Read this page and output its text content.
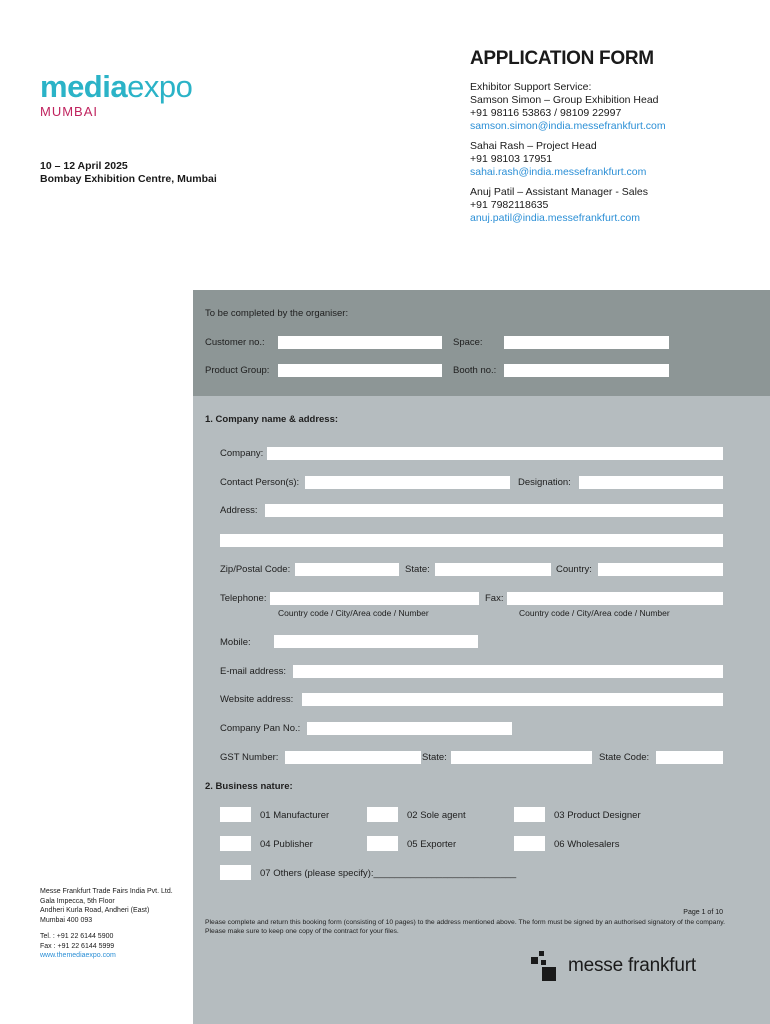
mediaexpo
MUMBAI
10 – 12 April 2025
Bombay Exhibition Centre, Mumbai
APPLICATION FORM
Exhibitor Support Service:
Samson Simon – Group Exhibition Head
+91 98116 53863 / 98109 22997
samson.simon@india.messefrankfurt.com
Sahai Rash – Project Head
+91 98103 17951
sahai.rash@india.messefrankfurt.com
Anuj Patil – Assistant Manager - Sales
+91 7982118635
anuj.patil@india.messefrankfurt.com
Messe Frankfurt Trade Fairs India Pvt. Ltd.
Gala Impecca, 5th Floor
Andheri Kurla Road, Andheri (East)
Mumbai 400 093
Tel. : +91 22 6144 5900
Fax : +91 22 6144 5999
www.themediaexpo.com
To be completed by the organiser:
Customer no.:	Space:
Product Group:	Booth no.:
1. Company name & address:
Company:
Contact Person(s):	Designation:
Address:
Zip/Postal Code:	State:	Country:
Telephone:	Fax:
Country code / City/Area code / Number	Country code / City/Area code / Number
Mobile:
E-mail address:
Website address:
Company Pan No.:
GST Number:	State:	State Code:
2. Business nature:
01 Manufacturer	02 Sole agent	03 Product Designer
04 Publisher	05 Exporter	06 Wholesalers
07 Others (please specify):___________________________
Page 1 of 10
Please complete and return this booking form (consisting of 10 pages) to the address mentioned above. The form must be signed by an authorised signatory of the company. Please make sure to keep one copy of the contract for your files.
messe frankfurt
